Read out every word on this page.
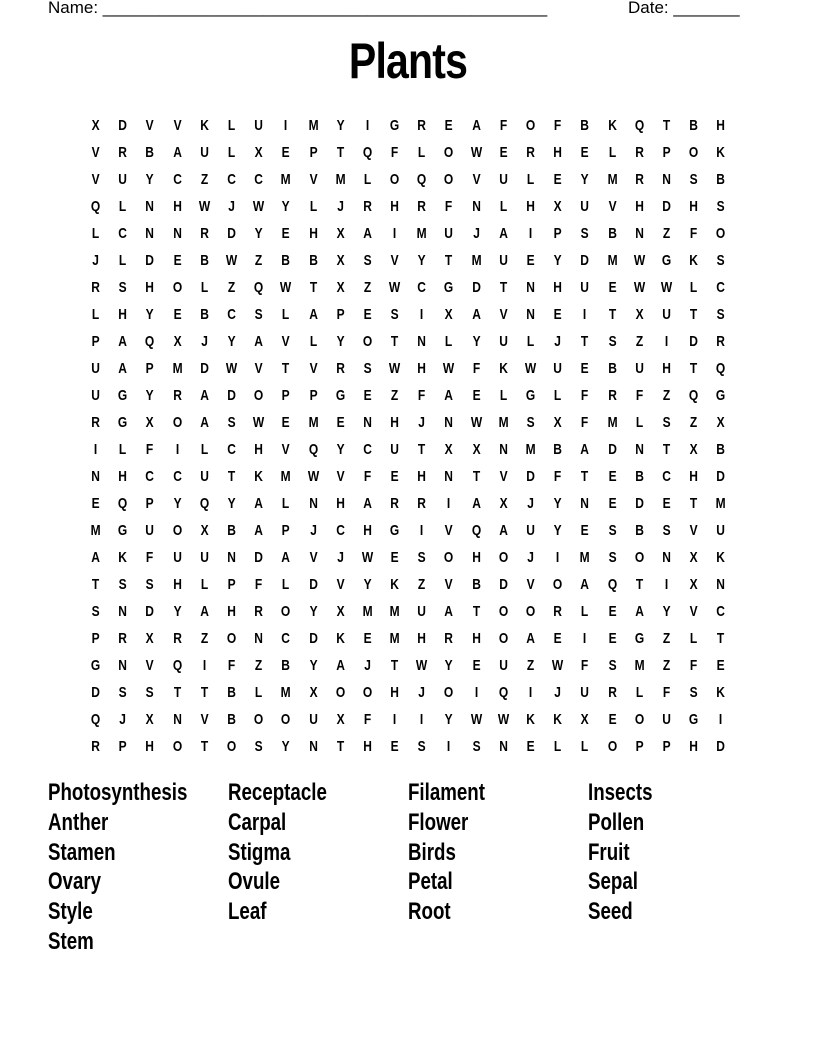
Name: _______________________________________________	Date: _______
Plants
X	D	V	V	K	L	U	I	M	Y	I	G	R	E	A	F	O	F	B	K	Q	T	B	H
V	R	B	A	U	L	X	E	P	T	Q	F	L	O	W	E	R	H	E	L	R	P	O	K
V	U	Y	C	Z	C	C	M	V	M	L	O	Q	O	V	U	L	E	Y	M	R	N	S	B
Q	L	N	H	W	J	W	Y	L	J	R	H	R	F	N	L	H	X	U	V	H	D	H	S
L	C	N	N	R	D	Y	E	H	X	A	I	M	U	J	A	I	P	S	B	N	Z	F	O
J	L	D	E	B	W	Z	B	B	X	S	V	Y	T	M	U	E	Y	D	M	W	G	K	S
R	S	H	O	L	Z	Q	W	T	X	Z	W	C	G	D	T	N	H	U	E	W	W	L	C
L	H	Y	E	B	C	S	L	A	P	E	S	I	X	A	V	N	E	I	T	X	U	T	S
P	A	Q	X	J	Y	A	V	L	Y	O	T	N	L	Y	U	L	J	T	S	Z	I	D	R
U	A	P	M	D	W	V	T	V	R	S	W	H	W	F	K	W	U	E	B	U	H	T	Q
U	G	Y	R	A	D	O	P	P	G	E	Z	F	A	E	L	G	L	F	R	F	Z	Q	G
R	G	X	O	A	S	W	E	M	E	N	H	J	N	W	M	S	X	F	M	L	S	Z	X
I	L	F	I	L	C	H	V	Q	Y	C	U	T	X	X	N	M	B	A	D	N	T	X	B
N	H	C	C	U	T	K	M	W	V	F	E	H	N	T	V	D	F	T	E	B	C	H	D
E	Q	P	Y	Q	Y	A	L	N	H	A	R	R	I	A	X	J	Y	N	E	D	E	T	M
M	G	U	O	X	B	A	P	J	C	H	G	I	V	Q	A	U	Y	E	S	B	S	V	U
A	K	F	U	U	N	D	A	V	J	W	E	S	O	H	O	J	I	M	S	O	N	X	K
T	S	S	H	L	P	F	L	D	V	Y	K	Z	V	B	D	V	O	A	Q	T	I	X	N
S	N	D	Y	A	H	R	O	Y	X	M	M	U	A	T	O	O	R	L	E	A	Y	V	C
P	R	X	R	Z	O	N	C	D	K	E	M	H	R	H	O	A	E	I	E	G	Z	L	T
G	N	V	Q	I	F	Z	B	Y	A	J	T	W	Y	E	U	Z	W	F	S	M	Z	F	E
D	S	S	T	T	B	L	M	X	O	O	H	J	O	I	Q	I	J	U	R	L	F	S	K
Q	J	X	N	V	B	O	O	U	X	F	I	I	Y	W	W	K	K	X	E	O	U	G	I
R	P	H	O	T	O	S	Y	N	T	H	E	S	I	S	N	E	L	L	O	P	P	H	D
Photosynthesis Receptacle	Filament	Insects
Anther	Carpal	Flower	Pollen
Stamen	Stigma	Birds	Fruit
Ovary	Ovule	Petal	Sepal
Style	Leaf	Root	Seed
Stem
